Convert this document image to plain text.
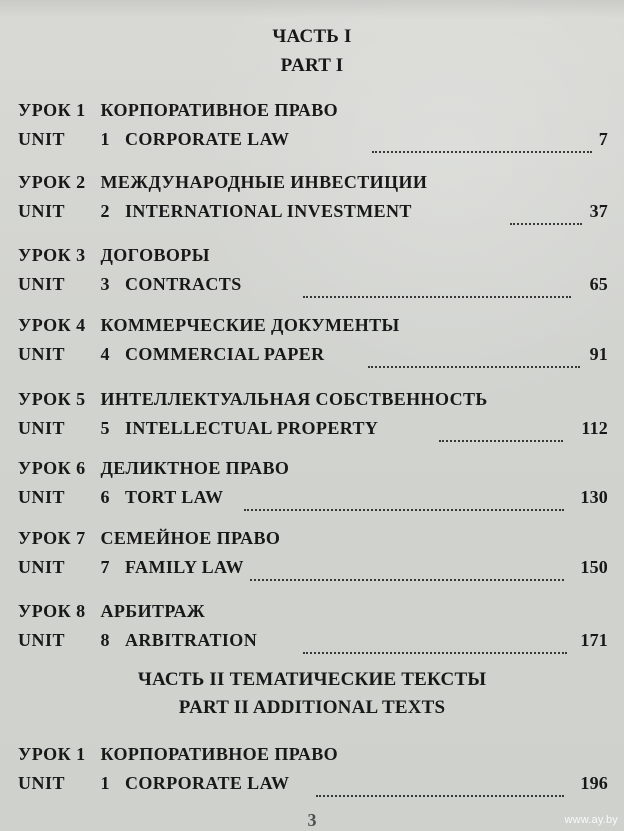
ЧАСТЬ I
PART I
УРОК 1 КОРПОРАТИВНОЕ ПРАВО
UNIT 1 CORPORATE LAW	7
УРОК 2 МЕЖДУНАРОДНЫЕ ИНВЕСТИЦИИ
UNIT 2 INTERNATIONAL INVESTMENT	37
УРОК 3 ДОГОВОРЫ
UNIT 3 CONTRACTS	65
УРОК 4 КОММЕРЧЕСКИЕ ДОКУМЕНТЫ
UNIT 4 COMMERCIAL PAPER	91
УРОК 5 ИНТЕЛЛЕКТУАЛЬНАЯ СОБСТВЕННОСТЬ
UNIT 5 INTELLECTUAL PROPERTY	112
УРОК 6 ДЕЛИКТНОЕ ПРАВО
UNIT 6 TORT LAW	130
УРОК 7 СЕМЕЙНОЕ ПРАВО
UNIT 7 FAMILY LAW	150
УРОК 8 АРБИТРАЖ
UNIT 8 ARBITRATION	171
ЧАСТЬ II ТЕМАТИЧЕСКИЕ ТЕКСТЫ
PART II ADDITIONAL TEXTS
УРОК 1 КОРПОРАТИВНОЕ ПРАВО
UNIT 1 CORPORATE LAW	196
3	www.ay.by
